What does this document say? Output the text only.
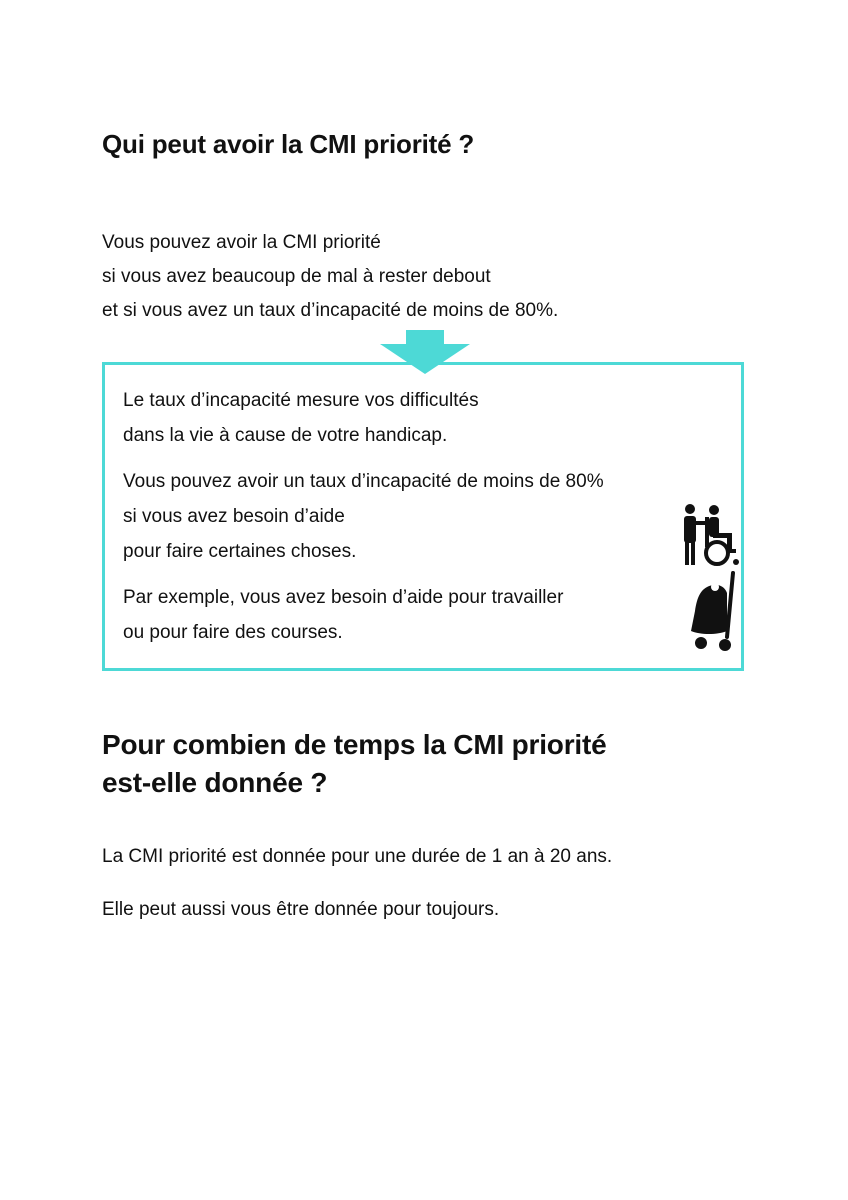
Qui peut avoir la CMI priorité ?

Vous pouvez avoir la CMI priorité
si vous avez beaucoup de mal à rester debout
et si vous avez un taux d’incapacité de moins de 80%.

Le taux d’incapacité mesure vos difficultés
dans la vie à cause de votre handicap.

Vous pouvez avoir un taux d’incapacité de moins de 80%
si vous avez besoin d’aide
pour faire certaines choses.

Par exemple, vous avez besoin d’aide pour travailler
ou pour faire des courses.

Pour combien de temps la CMI priorité
est-elle donnée ?

La CMI priorité est donnée pour une durée de 1 an à 20 ans.

Elle peut aussi vous être donnée pour toujours.
